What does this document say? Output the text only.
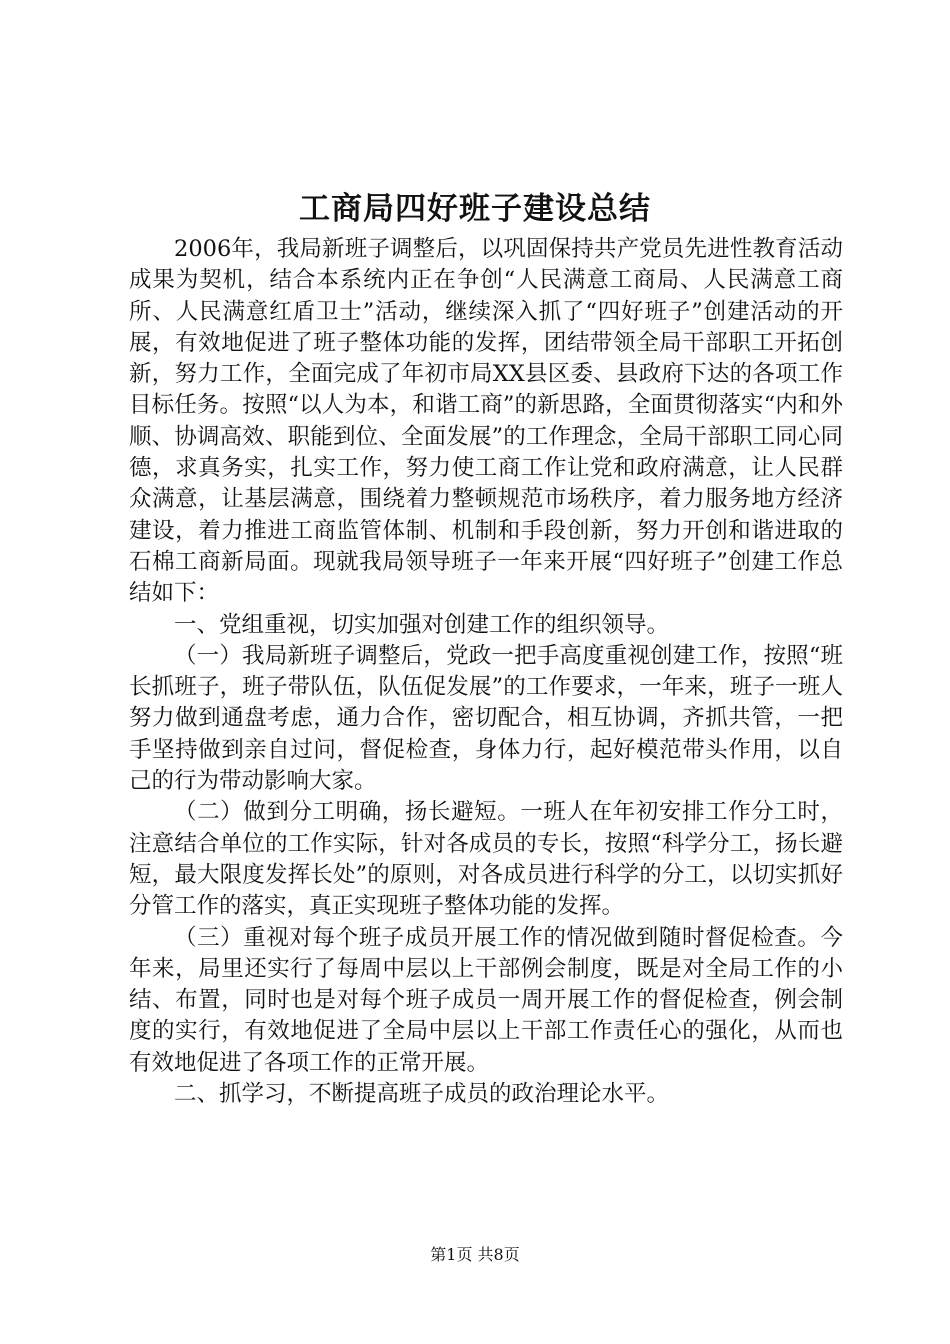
工商局四好班子建设总结

2006年，我局新班子调整后，以巩固保持共产党员先进性教育活动成果为契机，结合本系统内正在争创“人民满意工商局、人民满意工商所、人民满意红盾卫士”活动，继续深入抓了“四好班子”创建活动的开展，有效地促进了班子整体功能的发挥，团结带领全局干部职工开拓创新，努力工作，全面完成了年初市局XX县区委、县政府下达的各项工作目标任务。按照“以人为本，和谐工商”的新思路，全面贯彻落实“内和外顺、协调高效、职能到位、全面发展”的工作理念，全局干部职工同心同德，求真务实，扎实工作，努力使工商工作让党和政府满意，让人民群众满意，让基层满意，围绕着力整顿规范市场秩序，着力服务地方经济建设，着力推进工商监管体制、机制和手段创新，努力开创和谐进取的石棉工商新局面。现就我局领导班子一年来开展“四好班子”创建工作总结如下：

一、党组重视，切实加强对创建工作的组织领导。

（一）我局新班子调整后，党政一把手高度重视创建工作，按照“班长抓班子，班子带队伍，队伍促发展”的工作要求，一年来，班子一班人努力做到通盘考虑，通力合作，密切配合，相互协调，齐抓共管，一把手坚持做到亲自过问，督促检查，身体力行，起好模范带头作用，以自己的行为带动影响大家。

（二）做到分工明确，扬长避短。一班人在年初安排工作分工时，注意结合单位的工作实际，针对各成员的专长，按照“科学分工，扬长避短，最大限度发挥长处”的原则，对各成员进行科学的分工，以切实抓好分管工作的落实，真正实现班子整体功能的发挥。

（三）重视对每个班子成员开展工作的情况做到随时督促检查。今年来，局里还实行了每周中层以上干部例会制度，既是对全局工作的小结、布置，同时也是对每个班子成员一周开展工作的督促检查，例会制度的实行，有效地促进了全局中层以上干部工作责任心的强化，从而也有效地促进了各项工作的正常开展。

二、抓学习，不断提高班子成员的政治理论水平。

第1页 共8页
